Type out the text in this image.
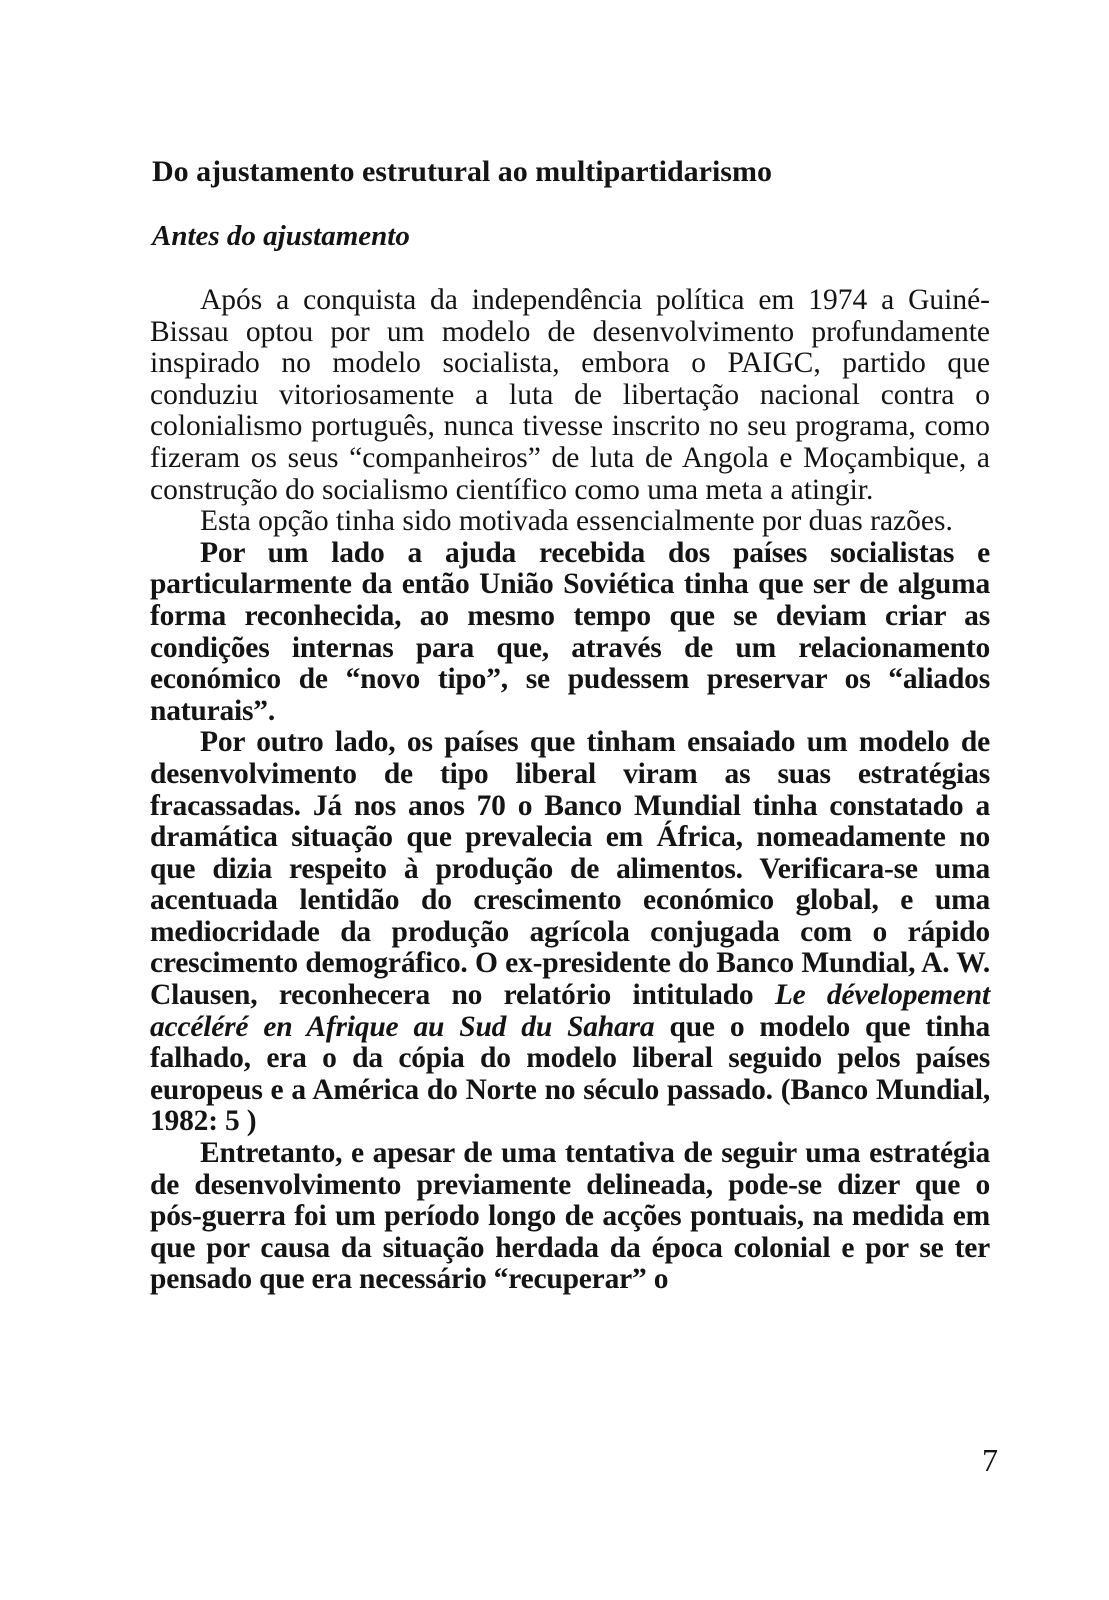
Do ajustamento estrutural ao multipartidarismo
Antes do ajustamento

Após a conquista da independência política em 1974 a Guiné-Bissau optou por um modelo de desenvolvimento profundamente inspirado no modelo socialista, embora o PAIGC, partido que conduziu vitoriosamente a luta de libertação nacional contra o colonialismo português, nunca tivesse inscrito no seu programa, como fizeram os seus “companheiros” de luta de Angola e Moçambique, a construção do socialismo científico como uma meta a atingir.

Esta opção tinha sido motivada essencialmente por duas razões.

Por um lado a ajuda recebida dos países socialistas e particularmente da então União Soviética tinha que ser de alguma forma reconhecida, ao mesmo tempo que se deviam criar as condições internas para que, através de um relacionamento económico de “novo tipo”, se pudessem preservar os “aliados naturais”.

Por outro lado, os países que tinham ensaiado um modelo de desenvolvimento de tipo liberal viram as suas estratégias fracassadas. Já nos anos 70 o Banco Mundial tinha constatado a dramática situação que prevalecia em África, nomeadamente no que dizia respeito à produção de alimentos. Verificara-se uma acentuada lentidão do crescimento económico global, e uma mediocridade da produção agrícola conjugada com o rápido crescimento demográfico. O ex-presidente do Banco Mundial, A. W. Clausen, reconhecera no relatório intitulado Le dévelopement accéléré en Afrique au Sud du Sahara que o modelo que tinha falhado, era o da cópia do modelo liberal seguido pelos países europeus e a América do Norte no século passado. (Banco Mundial, 1982: 5 )

Entretanto, e apesar de uma tentativa de seguir uma estratégia de desenvolvimento previamente delineada, pode-se dizer que o pós-guerra foi um período longo de acções pontuais, na medida em que por causa da situação herdada da época colonial e por se ter pensado que era necessário “recuperar” o

7
